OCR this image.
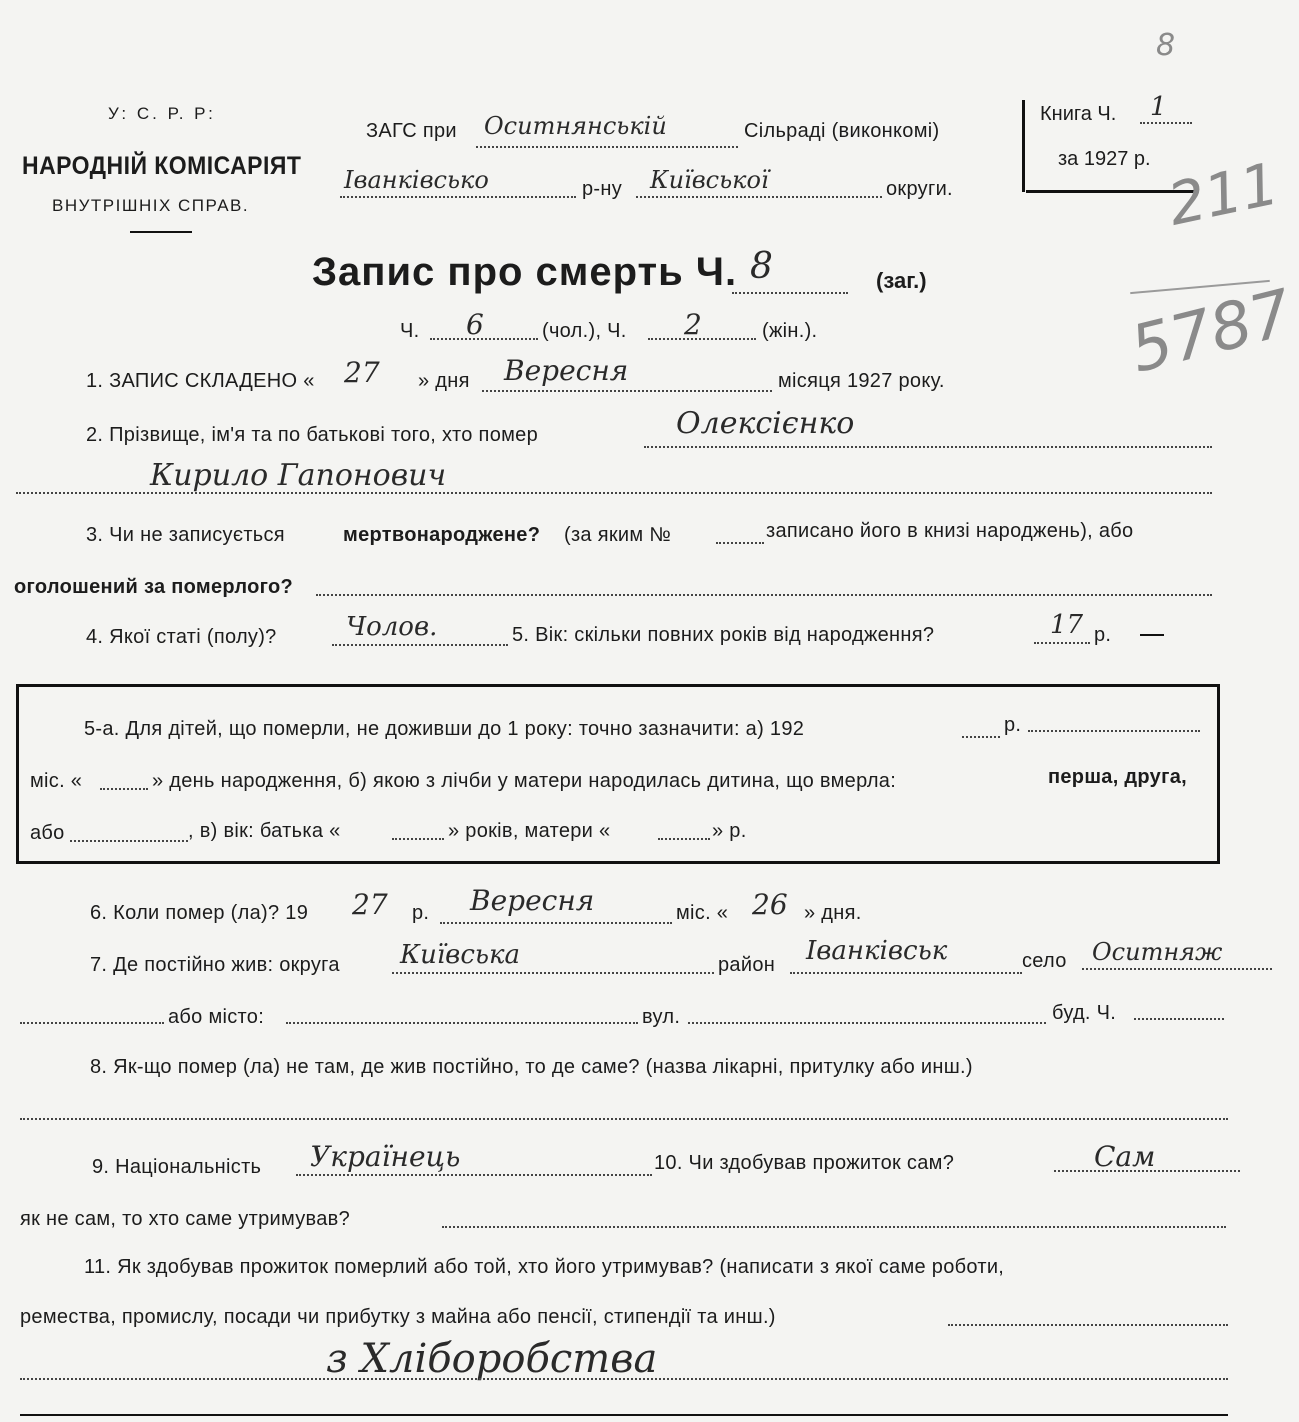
У: С. Р. Р:
НАРОДНІЙ КОМІСАРІЯТ
ВНУТРІШНІХ СПРАВ.
ЗАГС при Оситнянській	Сільраді (виконкомі)
Іванківсько	р-ну Київської	округи.
Книга Ч. 1
за 1927 р.
8
211
5787
Запис про смерть Ч. 8	(заг.)
Ч. 6	(чол.), Ч. 2	(жін.).
1. ЗАПИС СКЛАДЕНО « 27 » дня Вересня	місяця 1927 року.
2. Прізвище, ім'я та по батькові того, хто помер	Олексієнко
Кирило Гапонович
3. Чи не записується	мертвонароджене? (за яким №	записано його в книзі народжень), або
оголошений за померлого?
4. Якої статі (полу)?	Чолов.	5. Вік: скільки повних років від народження?	17 р.
5-а. Для дітей, що померли, не доживши до 1 року: точно зазначити: а) 192	р.
міс. «	» день народження, б) якою з лічби у матери народилась дитина, що вмерла:	перша, друга,
або	, в) вік: батька «	» років, матери «	» р.
6. Коли помер (ла)? 19 27 р. Вересня	міс. « 26 » дня.
7. Де постійно жив: округа Київська	район Іванківськ	село Оситняж
або місто:	вул.	буд. Ч.
8. Як-що помер (ла) не там, де жив постійно, то де саме? (назва лікарні, притулку або инш.)
9. Національність Українець	10. Чи здобував прожиток сам?	Сам
як не сам, то хто саме утримував?
11. Як здобував прожиток померлий або той, хто його утримував? (написати з якої саме роботи,
ремества, промислу, посади чи прибутку з майна або пенсії, стипендії та инш.)
з Хліборобства
